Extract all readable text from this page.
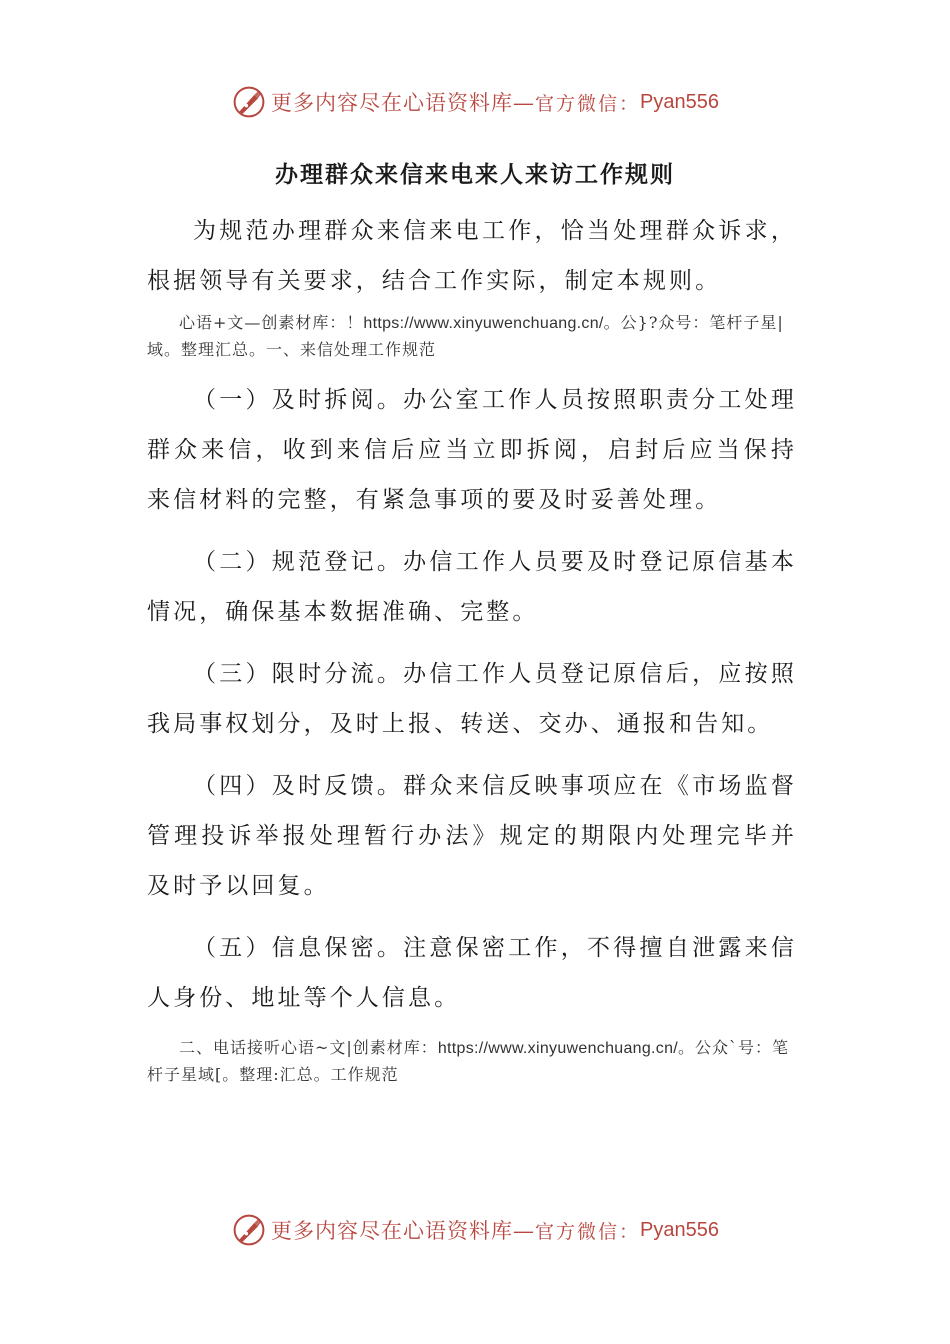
更多内容尽在心语资料库— 官方微信： Pyan556
办理群众来信来电来人来访工作规则

为规范办理群众来信来电工作，恰当处理群众诉求，根据领导有关要求，结合工作实际，制定本规则。

心语+文—创素材库：！https://www.xinyuwenchuang.cn/。公}?众号：笔杆子星|域。整理汇总。一、来信处理工作规范

（一）及时拆阅。办公室工作人员按照职责分工处理群众来信，收到来信后应当立即拆阅，启封后应当保持来信材料的完整，有紧急事项的要及时妥善处理。

（二）规范登记。办信工作人员要及时登记原信基本情况，确保基本数据准确、完整。

（三）限时分流。办信工作人员登记原信后，应按照我局事权划分，及时上报、转送、交办、通报和告知。

（四）及时反馈。群众来信反映事项应在《市场监督管理投诉举报处理暂行办法》规定的期限内处理完毕并及时予以回复。

（五）信息保密。注意保密工作，不得擅自泄露来信人身份、地址等个人信息。

二、电话接听心语~文|创素材库：https://www.xinyuwenchuang.cn/。公众`号：笔杆子星域[。整理:汇总。工作规范

更多内容尽在心语资料库— 官方微信： Pyan556
